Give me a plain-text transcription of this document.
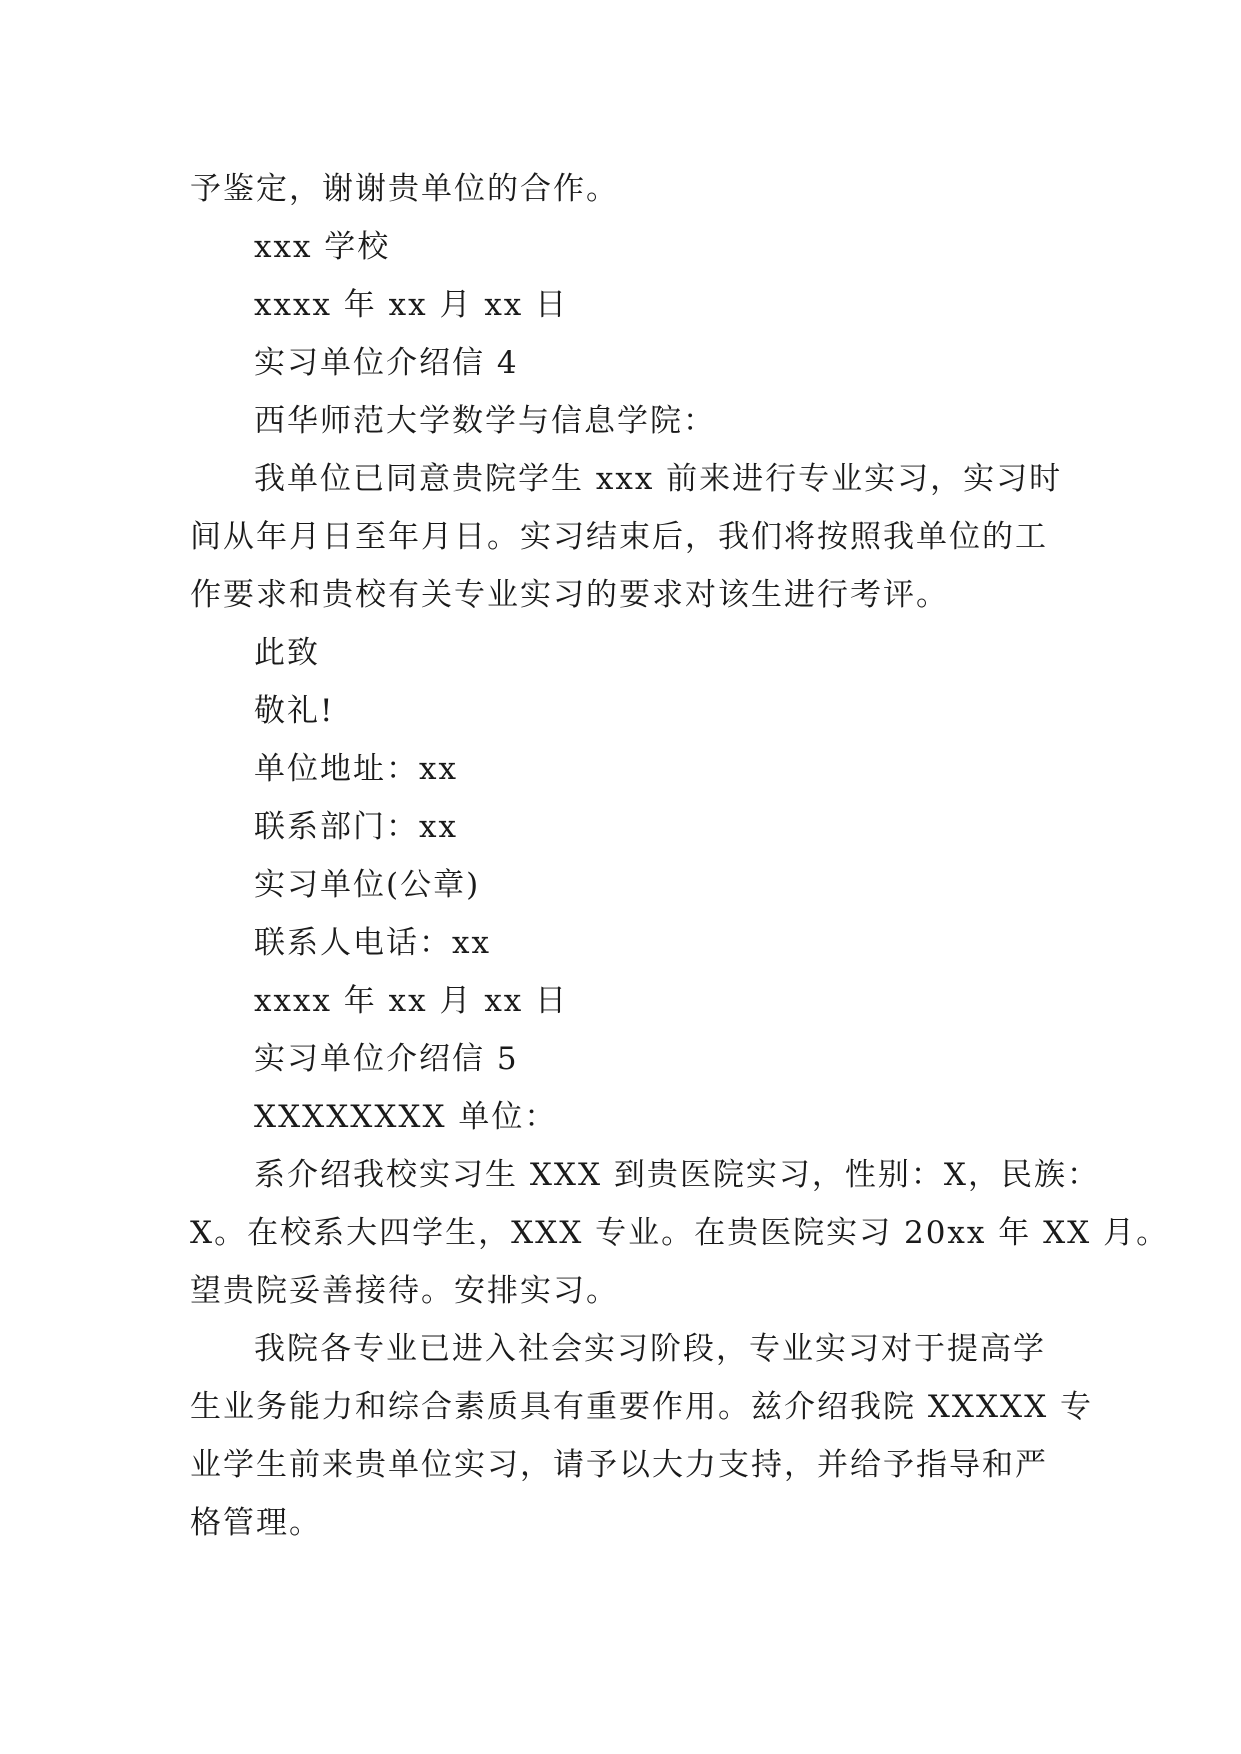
予鉴定，谢谢贵单位的合作。

xxx 学校

xxxx 年 xx 月 xx 日

实习单位介绍信 4

西华师范大学数学与信息学院：

我单位已同意贵院学生 xxx 前来进行专业实习，实习时

间从年月日至年月日。实习结束后，我们将按照我单位的工

作要求和贵校有关专业实习的要求对该生进行考评。

此致

敬礼!

单位地址：xx

联系部门：xx

实习单位(公章)

联系人电话：xx

xxxx 年 xx 月 xx 日

实习单位介绍信 5

XXXXXXXX 单位：

系介绍我校实习生 XXX 到贵医院实习，性别：X，民族：

X。在校系大四学生，XXX 专业。在贵医院实习 20xx 年 XX 月。

望贵院妥善接待。安排实习。

我院各专业已进入社会实习阶段，专业实习对于提高学

生业务能力和综合素质具有重要作用。兹介绍我院 XXXXX 专

业学生前来贵单位实习，请予以大力支持，并给予指导和严

格管理。
